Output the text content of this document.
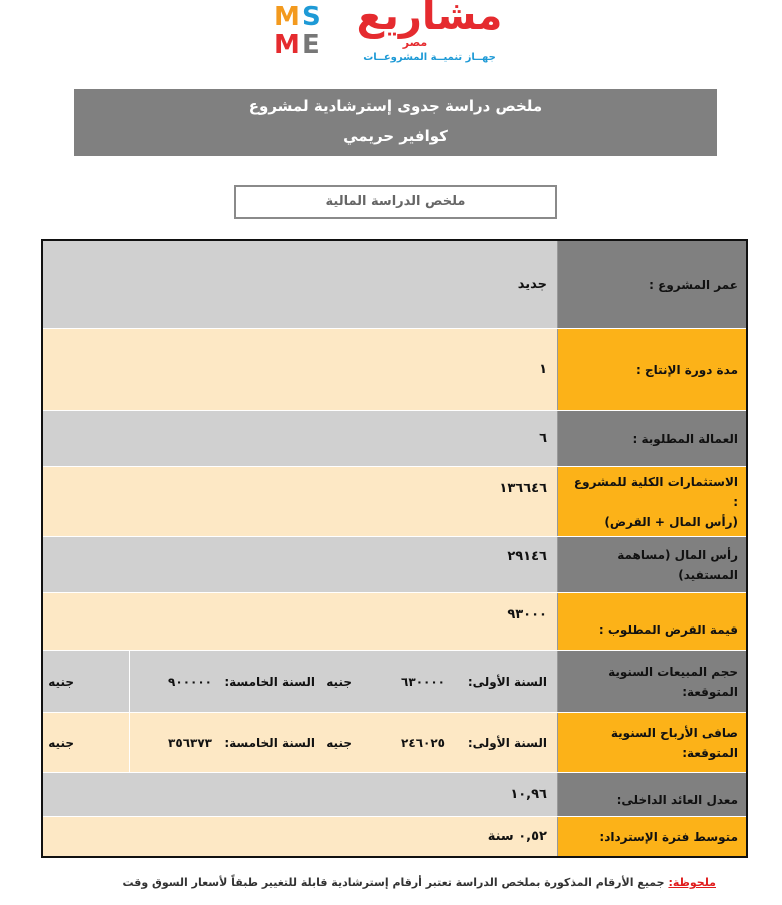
M S
M E
مشاريع
مصر
جهــاز تنميــة المشروعــات
ملخص دراسة جدوى إسترشادية لمشروع
كوافير حريمي
ملخص الدراسة المالية
عمر المشروع :
جديد
مدة دورة الإنتاج :
١
العمالة المطلوبة :
٦
الاستثمارات الكلية للمشروع :
(رأس المال + القرض)
١٣٦٦٤٦
رأس المال (مساهمة المستفيد)
٢٩١٤٦
قيمة القرض المطلوب :
٩٣٠٠٠
حجم المبيعات السنوية المتوقعة:
السنة الأولى:
٦٣٠٠٠٠
جنيه
السنة الخامسة:
٩٠٠٠٠٠
جنيه
صافى الأرباح السنوية المتوقعة:
السنة الأولى:
٢٤٦٠٢٥
جنيه
السنة الخامسة:
٣٥٦٣٧٣
جنيه
معدل العائد الداخلى:
١٠,٩٦
متوسط فترة الإسترداد:
٠,٥٢ سنة
ملحوظة: جميع الأرقام المذكورة بملخص الدراسة تعتبر أرقام إسترشادية قابلة للتغيير طبقاً لأسعار السوق وقت
